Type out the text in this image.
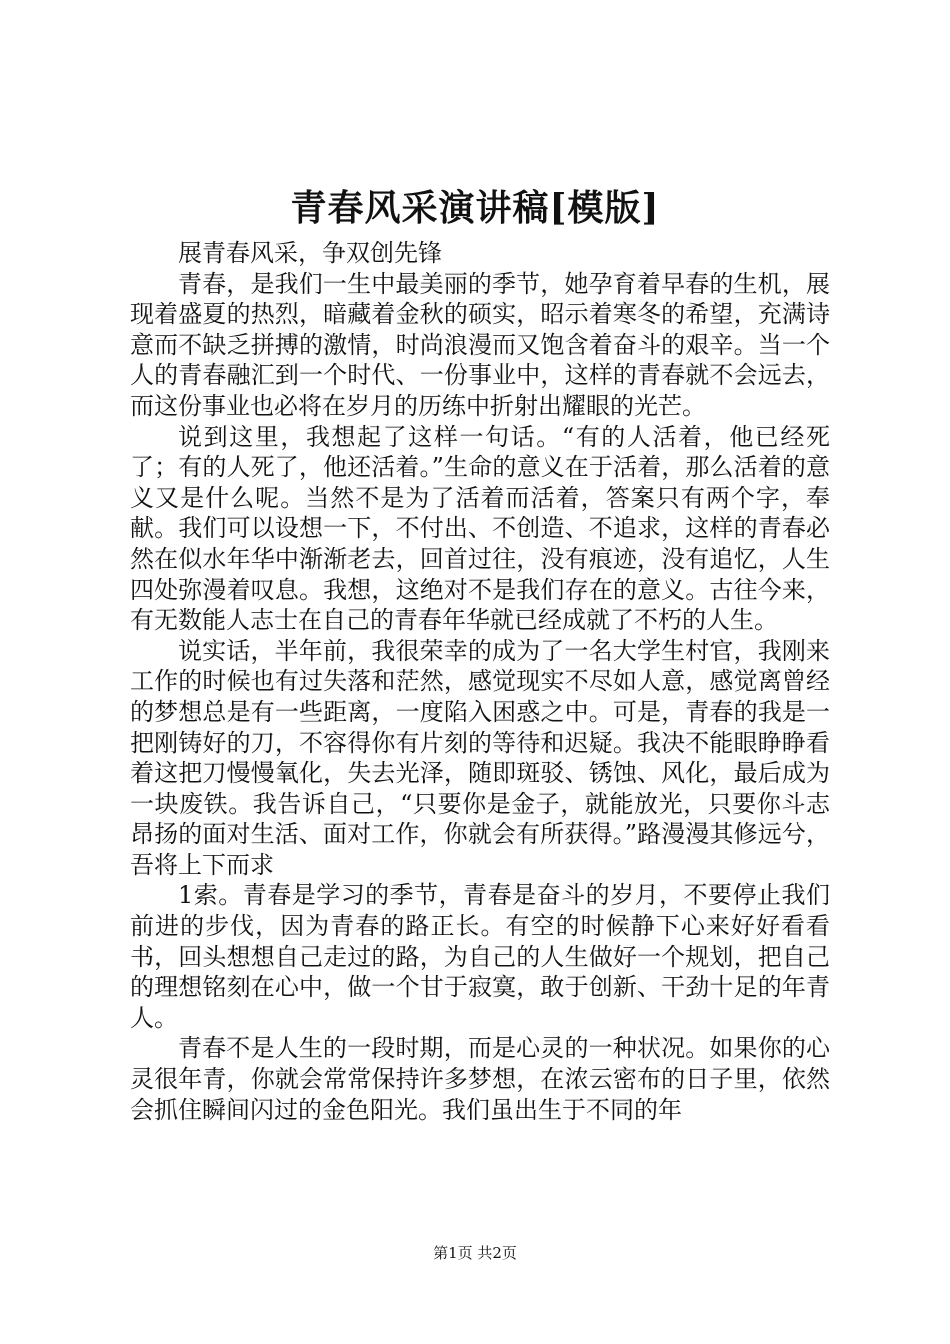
青春风采演讲稿[模版]

展青春风采，争双创先锋

青春，是我们一生中最美丽的季节，她孕育着早春的生机，展现着盛夏的热烈，暗藏着金秋的硕实，昭示着寒冬的希望，充满诗意而不缺乏拼搏的激情，时尚浪漫而又饱含着奋斗的艰辛。当一个人的青春融汇到一个时代、一份事业中，这样的青春就不会远去，而这份事业也必将在岁月的历练中折射出耀眼的光芒。

说到这里，我想起了这样一句话。“有的人活着，他已经死了；有的人死了，他还活着。”生命的意义在于活着，那么活着的意义又是什么呢。当然不是为了活着而活着，答案只有两个字，奉献。我们可以设想一下，不付出、不创造、不追求，这样的青春必然在似水年华中渐渐老去，回首过往，没有痕迹，没有追忆，人生四处弥漫着叹息。我想，这绝对不是我们存在的意义。古往今来，有无数能人志士在自己的青春年华就已经成就了不朽的人生。

说实话，半年前，我很荣幸的成为了一名大学生村官，我刚来工作的时候也有过失落和茫然，感觉现实不尽如人意，感觉离曾经的梦想总是有一些距离，一度陷入困惑之中。可是，青春的我是一把刚铸好的刀，不容得你有片刻的等待和迟疑。我决不能眼睁睁看着这把刀慢慢氧化，失去光泽，随即斑驳、锈蚀、风化，最后成为一块废铁。我告诉自己，“只要你是金子，就能放光，只要你斗志昂扬的面对生活、面对工作，你就会有所获得。”路漫漫其修远兮，吾将上下而求

1索。青春是学习的季节，青春是奋斗的岁月，不要停止我们前进的步伐，因为青春的路正长。有空的时候静下心来好好看看书，回头想想自己走过的路，为自己的人生做好一个规划，把自己的理想铭刻在心中，做一个甘于寂寞，敢于创新、干劲十足的年青人。

青春不是人生的一段时期，而是心灵的一种状况。如果你的心灵很年青，你就会常常保持许多梦想，在浓云密布的日子里，依然会抓住瞬间闪过的金色阳光。我们虽出生于不同的年

第1页 共2页
